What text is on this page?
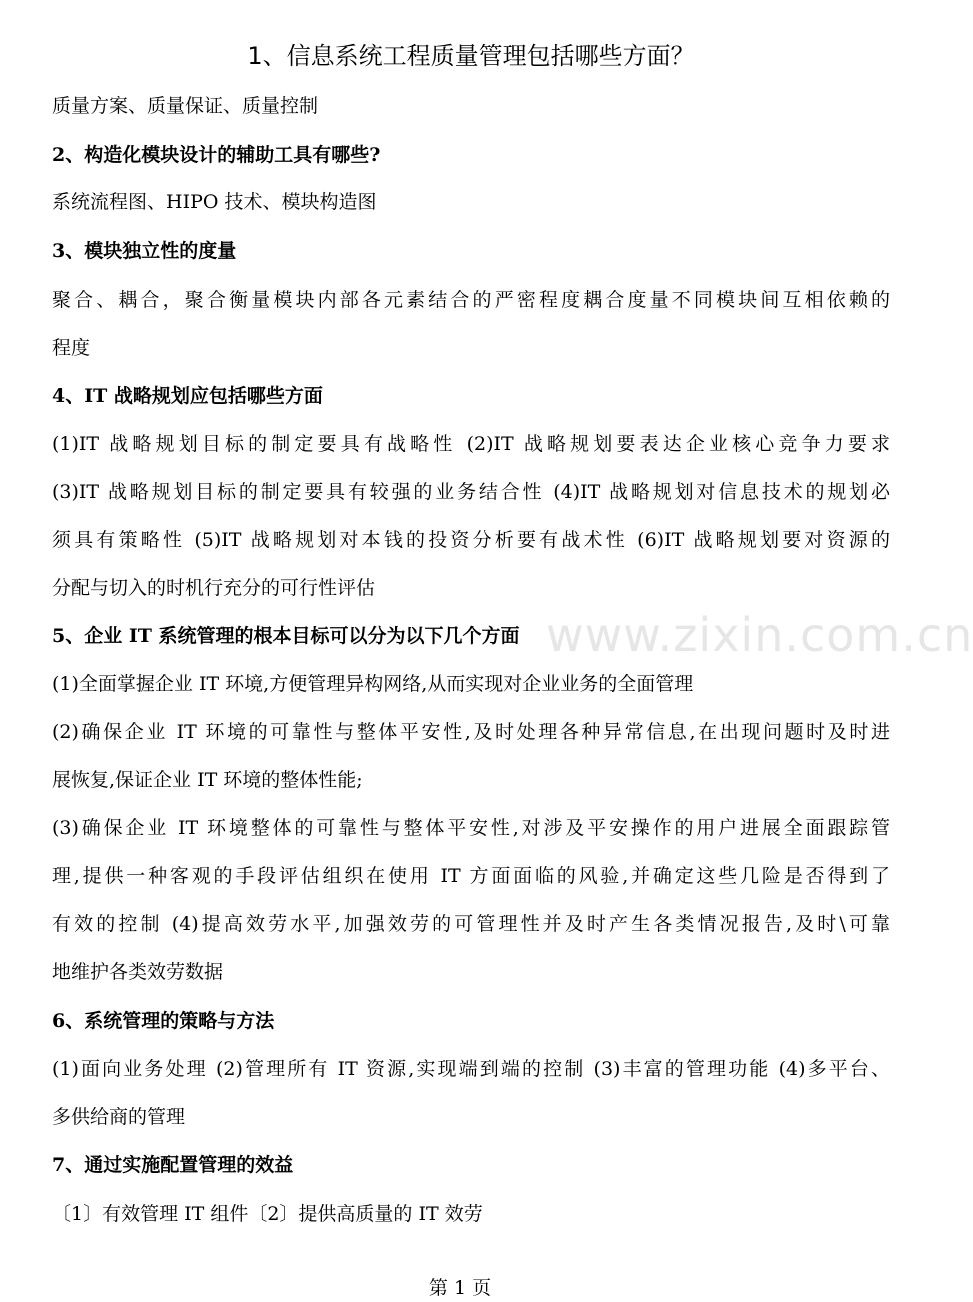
1、信息系统工程质量管理包括哪些方面？
质量方案、质量保证、质量控制
2、构造化模块设计的辅助工具有哪些?
系统流程图、HIPO 技术、模块构造图
3、模块独立性的度量
聚合、耦合，聚合衡量模块内部各元素结合的严密程度耦合度量不同模块间互相依赖的
程度
4、IT 战略规划应包括哪些方面
(1)IT 战略规划目标的制定要具有战略性 (2)IT 战略规划要表达企业核心竞争力要求
(3)IT 战略规划目标的制定要具有较强的业务结合性 (4)IT 战略规划对信息技术的规划必
须具有策略性 (5)IT 战略规划对本钱的投资分析要有战术性 (6)IT 战略规划要对资源的
分配与切入的时机行充分的可行性评估
5、企业 IT 系统管理的根本目标可以分为以下几个方面
(1)全面掌握企业 IT 环境,方便管理异构网络,从而实现对企业业务的全面管理
(2)确保企业 IT 环境的可靠性与整体平安性,及时处理各种异常信息,在出现问题时及时进
展恢复,保证企业 IT 环境的整体性能;
(3)确保企业 IT 环境整体的可靠性与整体平安性,对涉及平安操作的用户进展全面跟踪管
理,提供一种客观的手段评估组织在使用 IT 方面面临的风验,并确定这些几险是否得到了
有效的控制 (4)提高效劳水平,加强效劳的可管理性并及时产生各类情况报告,及时\可靠
地维护各类效劳数据
6、系统管理的策略与方法
(1)面向业务处理 (2)管理所有 IT 资源,实现端到端的控制 (3)丰富的管理功能 (4)多平台、
多供给商的管理
7、通过实施配置管理的效益
〔1〕有效管理 IT 组件〔2〕提供高质量的 IT 效劳
www.zixin.com.cn
第 1 页
